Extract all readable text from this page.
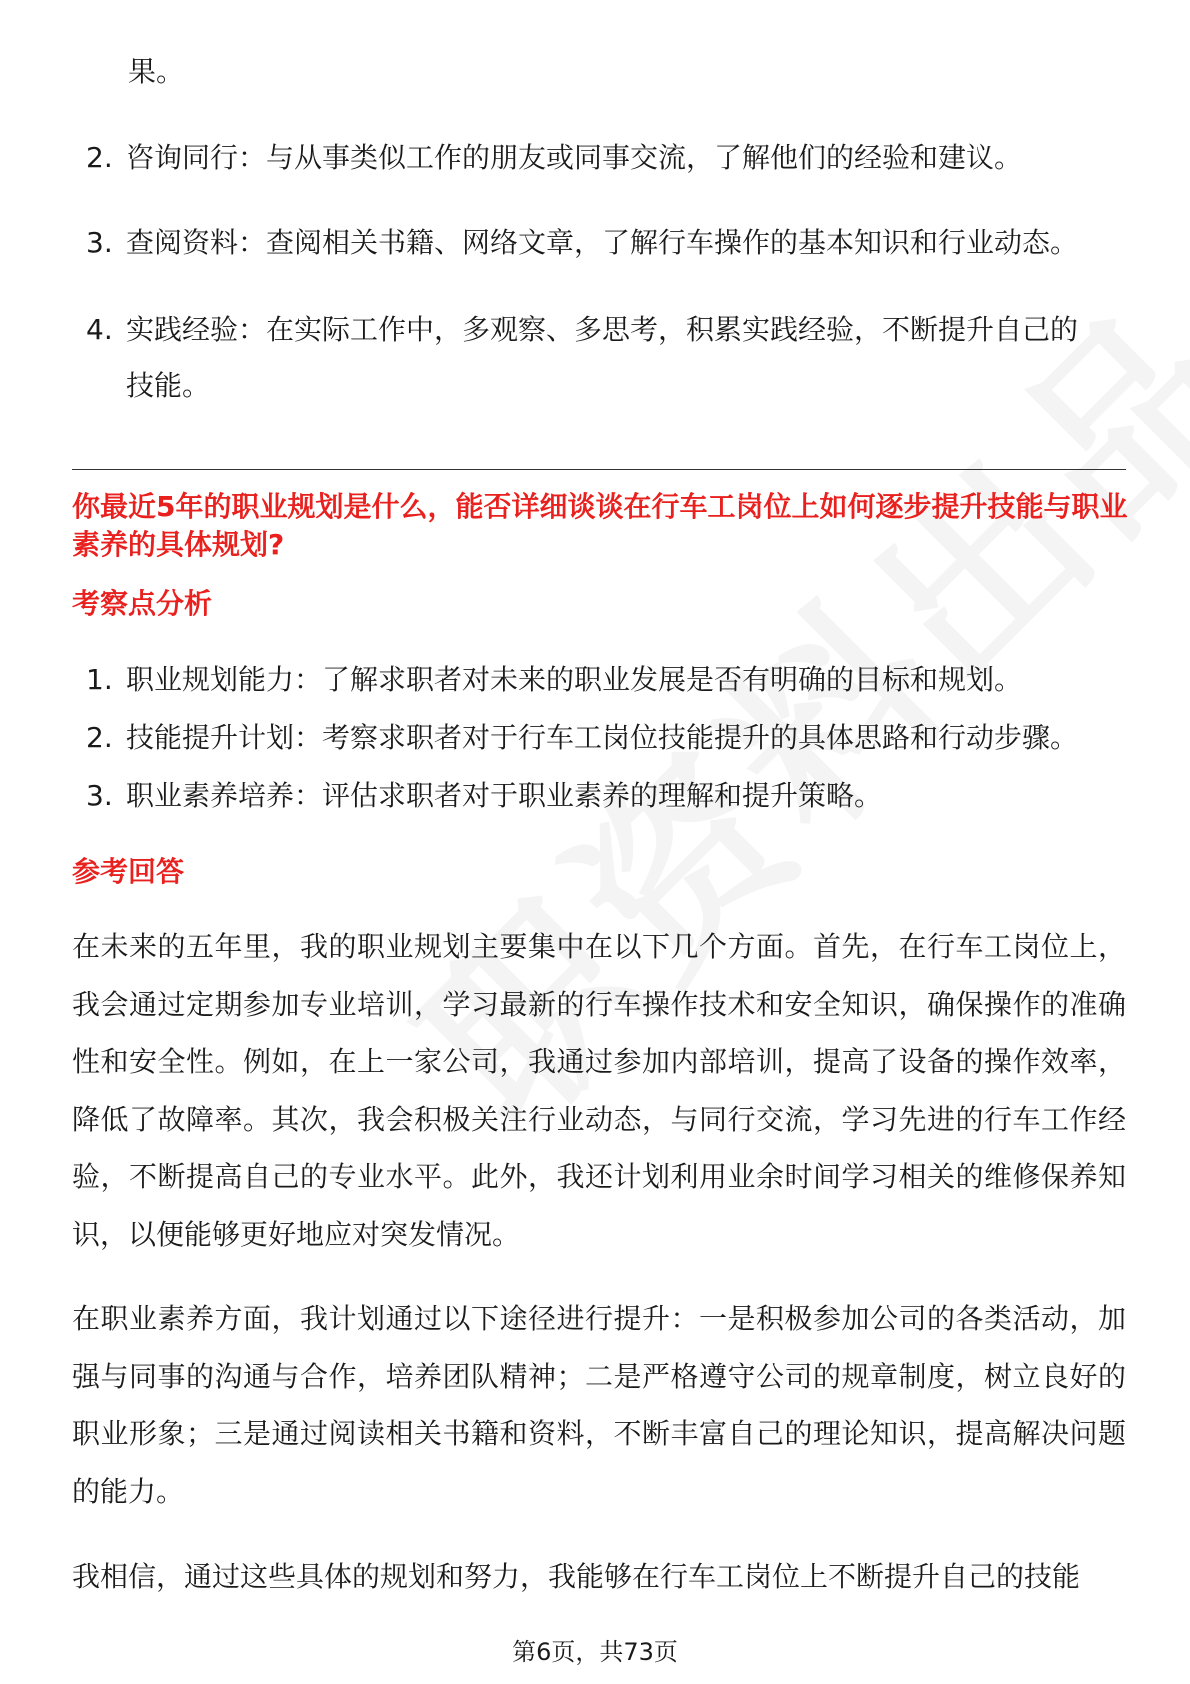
果。
2. 咨询同行：与从事类似工作的朋友或同事交流，了解他们的经验和建议。
3. 查阅资料：查阅相关书籍、网络文章，了解行车操作的基本知识和行业动态。
4. 实践经验：在实际工作中，多观察、多思考，积累实践经验，不断提升自己的
技能。
你最近5年的职业规划是什么，能否详细谈谈在行车工岗位上如何逐步提升技能与职业素养的具体规划?
考察点分析
1. 职业规划能力：了解求职者对未来的职业发展是否有明确的目标和规划。
2. 技能提升计划：考察求职者对于行车工岗位技能提升的具体思路和行动步骤。
3. 职业素养培养：评估求职者对于职业素养的理解和提升策略。
参考回答
在未来的五年里，我的职业规划主要集中在以下几个方面。首先，在行车工岗位上，我会通过定期参加专业培训，学习最新的行车操作技术和安全知识，确保操作的准确性和安全性。例如，在上一家公司，我通过参加内部培训，提高了设备的操作效率，降低了故障率。其次，我会积极关注行业动态，与同行交流，学习先进的行车工作经验，不断提高自己的专业水平。此外，我还计划利用业余时间学习相关的维修保养知识，以便能够更好地应对突发情况。
在职业素养方面，我计划通过以下途径进行提升：一是积极参加公司的各类活动，加强与同事的沟通与合作，培养团队精神；二是严格遵守公司的规章制度，树立良好的职业形象；三是通过阅读相关书籍和资料，不断丰富自己的理论知识，提高解决问题的能力。
我相信，通过这些具体的规划和努力，我能够在行车工岗位上不断提升自己的技能
第6页，共73页
